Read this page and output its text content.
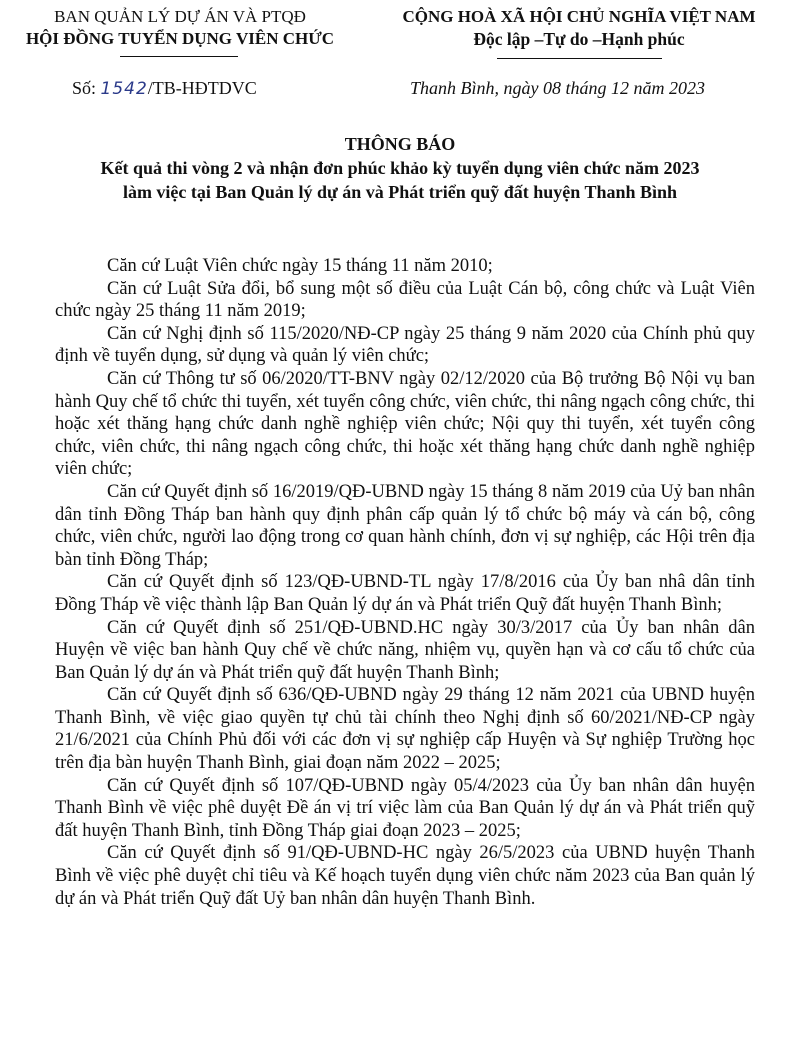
BAN QUẢN LÝ DỰ ÁN VÀ PTQĐ
HỘI ĐỒNG TUYỂN DỤNG VIÊN CHỨC
CỘNG HOÀ XÃ HỘI CHỦ NGHĨA VIỆT NAM
Độc lập –Tự do –Hạnh phúc
Số: 1542/TB-HĐTDVC	Thanh Bình, ngày 08 tháng 12 năm 2023
THÔNG BÁO
Kết quả thi vòng 2 và nhận đơn phúc khảo kỳ tuyển dụng viên chức năm 2023
làm việc tại Ban Quản lý dự án và Phát triển quỹ đất huyện Thanh Bình

Căn cứ Luật Viên chức ngày 15 tháng 11 năm 2010;

Căn cứ Luật Sửa đổi, bổ sung một số điều của Luật Cán bộ, công chức và Luật Viên chức ngày 25 tháng 11 năm 2019;

Căn cứ Nghị định số 115/2020/NĐ-CP ngày 25 tháng 9 năm 2020 của Chính phủ quy định về tuyển dụng, sử dụng và quản lý viên chức;

Căn cứ Thông tư số 06/2020/TT-BNV ngày 02/12/2020 của Bộ trưởng Bộ Nội vụ ban hành Quy chế tổ chức thi tuyển, xét tuyển công chức, viên chức, thi nâng ngạch công chức, thi hoặc xét thăng hạng chức danh nghề nghiệp viên chức; Nội quy thi tuyển, xét tuyển công chức, viên chức, thi nâng ngạch công chức, thi hoặc xét thăng hạng chức danh nghề nghiệp viên chức;

Căn cứ Quyết định số 16/2019/QĐ-UBND ngày 15 tháng 8 năm 2019 của Uỷ ban nhân dân tỉnh Đồng Tháp ban hành quy định phân cấp quản lý tổ chức bộ máy và cán bộ, công chức, viên chức, người lao động trong cơ quan hành chính, đơn vị sự nghiệp, các Hội trên địa bàn tỉnh Đồng Tháp;

Căn cứ Quyết định số 123/QĐ-UBND-TL ngày 17/8/2016 của Ủy ban nhâ dân tỉnh Đồng Tháp về việc thành lập Ban Quản lý dự án và Phát triển Quỹ đất huyện Thanh Bình;

Căn cứ Quyết định số 251/QĐ-UBND.HC ngày 30/3/2017 của Ủy ban nhân dân Huyện về việc ban hành Quy chế về chức năng, nhiệm vụ, quyền hạn và cơ cấu tổ chức của Ban Quản lý dự án và Phát triển quỹ đất huyện Thanh Bình;

Căn cứ Quyết định số 636/QĐ-UBND ngày 29 tháng 12 năm 2021 của UBND huyện Thanh Bình, về việc giao quyền tự chủ tài chính theo Nghị định số 60/2021/NĐ-CP ngày 21/6/2021 của Chính Phủ đối với các đơn vị sự nghiệp cấp Huyện và Sự nghiệp Trường học trên địa bàn huyện Thanh Bình, giai đoạn năm 2022 – 2025;

Căn cứ Quyết định số 107/QĐ-UBND ngày 05/4/2023 của Ủy ban nhân dân huyện Thanh Bình về việc phê duyệt Đề án vị trí việc làm của Ban Quản lý dự án và Phát triển quỹ đất huyện Thanh Bình, tỉnh Đồng Tháp giai đoạn 2023 – 2025;

Căn cứ Quyết định số 91/QĐ-UBND-HC ngày 26/5/2023 của UBND huyện Thanh Bình về việc phê duyệt chỉ tiêu và Kế hoạch tuyển dụng viên chức năm 2023 của Ban quản lý dự án và Phát triển Quỹ đất Uỷ ban nhân dân huyện Thanh Bình.
